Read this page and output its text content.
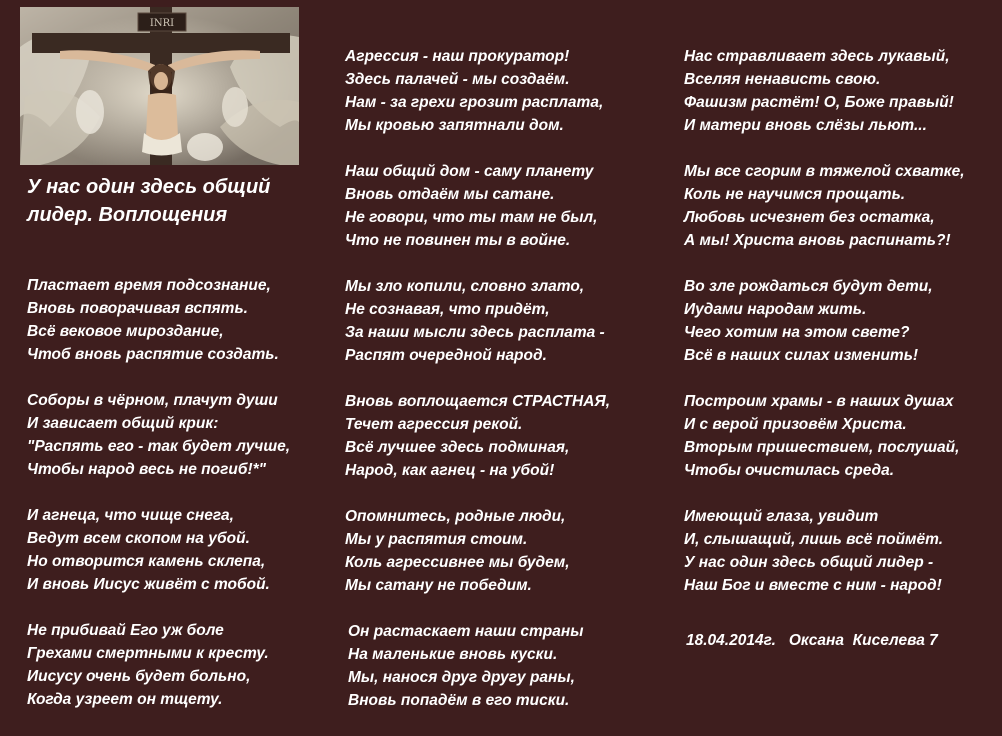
INRI
У нас один здесь общий
лидер. Воплощения
Пластает время подсознание,
Вновь поворачивая вспять.
Всё вековое мироздание,
Чтоб вновь распятие создать.
Соборы в чёрном, плачут души
И зависает общий крик:
"Распять его - так будет лучше,
Чтобы народ весь не погиб!*"
И агнеца, что чище снега,
Ведут всем скопом на убой.
Но отворится камень склепа,
И вновь Иисус живёт с тобой.
Не прибивай Его уж боле
Грехами смертными к кресту.
Иисусу очень будет больно,
Когда узреет он тщету.
Агрессия - наш прокуратор!
Здесь палачей - мы создаём.
Нам - за грехи грозит расплата,
Мы кровью запятнали дом.
Наш общий дом - саму планету
Вновь отдаём мы сатане.
Не говори, что ты там не был,
Что не повинен ты в войне.
Мы зло копили, словно злато,
Не сознавая, что придёт,
За наши мысли здесь расплата -
Распят очередной народ.
Вновь воплощается СТРАСТНАЯ,
Течет агрессия рекой.
Всё лучшее здесь подминая,
Народ, как агнец - на убой!
Опомнитесь, родные люди,
Мы у распятия стоим.
Коль агрессивнее мы будем,
Мы сатану не победим.
Он растаскает наши страны
На маленькие вновь куски.
Мы, нанося друг другу раны,
Вновь попадём в его тиски.
Нас стравливает здесь лукавый,
Вселяя ненависть свою.
Фашизм растёт! О, Боже правый!
И матери вновь слёзы льют...
Мы все сгорим в тяжелой схватке,
Коль не научимся прощать.
Любовь исчезнет без остатка,
А мы! Христа вновь распинать?!
Во зле рождаться будут дети,
Иудами народам жить.
Чего хотим на этом свете?
Всё в наших силах изменить!
Построим храмы - в наших душах
И с верой призовём Христа.
Вторым пришествием, послушай,
Чтобы очистилась среда.
Имеющий глаза, увидит
И, слышащий, лишь всё поймёт.
У нас один здесь общий лидер -
Наш Бог и вместе с ним - народ!
18.04.2014г.   Оксана  Киселева 7
